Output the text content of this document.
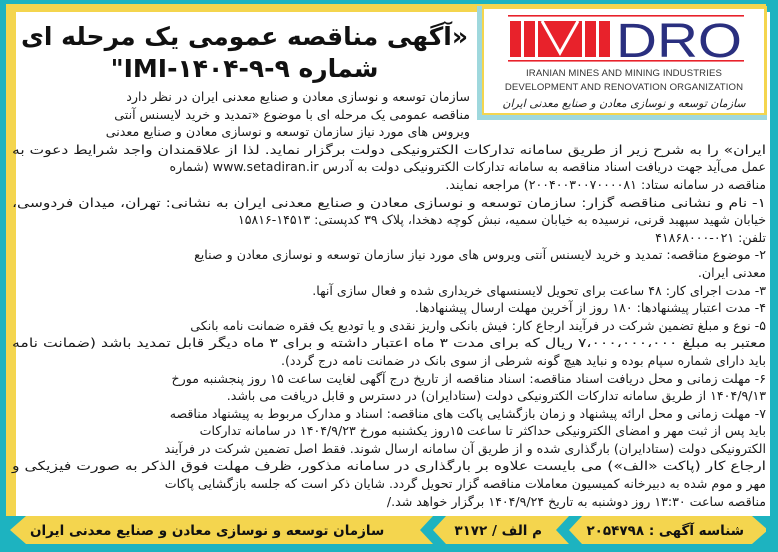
DRO
IRANIAN MINES AND MINING INDUSTRIES
DEVELOPMENT AND RENOVATION ORGANIZATION
سازمان توسعه و نوسازی معادن و صنایع معدنی ایران
«آگهی مناقصه عمومی یک مرحله ای
شماره ۹-۹-۱۴۰۴-IMI"
سازمان توسعه و نوسازی معادن و صنایع معدنی ایران در نظر دارد
مناقصه عمومی یک مرحله ای با موضوع «تمدید و خرید لایسنس آنتی
ویروس های مورد نیاز سازمان توسعه و نوسازی معادن و صنایع معدنی
ایران» را به شرح زیر از طریق سامانه تدارکات الکترونیکی دولت برگزار نماید. لذا از علاقمندان واجد شرایط دعوت به
عمل می‌آید جهت دریافت اسناد مناقصه به سامانه تدارکات الکترونیکی دولت به آدرس www.setadiran.ir (شماره
مناقصه در سامانه ستاد: ۲۰۰۴۰۰۳۰۰۷۰۰۰۰۸۱) مراجعه نمایند.
۱- نام و نشانی مناقصه گزار: سازمان توسعه و نوسازی معادن و صنایع معدنی ایران به نشانی: تهران، میدان فردوسی،
خیابان شهید سپهبد قرنی، نرسیده به خیابان سمیه، نبش کوچه دهخدا، پلاک ۳۹ کدپستی: ۱۴۵۱۳-۱۵۸۱۶
تلفن: ۰۲۱-۴۱۸۶۸۰۰۰
۲- موضوع مناقصه: تمدید و خرید لایسنس آنتی ویروس های مورد نیاز سازمان توسعه و نوسازی معادن و صنایع
معدنی ایران.
۳- مدت اجرای کار: ۴۸ ساعت برای تحویل لایسنسهای خریداری شده و فعال سازی آنها.
۴- مدت اعتبار پیشنهادها: ۱۸۰ روز از آخرین مهلت ارسال پیشنهادها.
۵- نوع و مبلغ تضمین شرکت در فرآیند ارجاع کار: فیش بانکی واریز نقدی و یا توديع یک فقره ضمانت نامه بانکی
معتبر به مبلغ ۷،۰۰۰،۰۰۰،۰۰۰ ریال که برای مدت ۳ ماه اعتبار داشته و برای ۳ ماه دیگر قابل تمدید باشد (ضمانت نامه
باید دارای شماره سپام بوده و نباید هیچ گونه شرطی از سوی بانک در ضمانت نامه درج گردد).
۶- مهلت زمانی و محل دریافت اسناد مناقصه: اسناد مناقصه از تاریخ درج آگهی لغایت ساعت ۱۵ روز پنجشنبه مورخ
۱۴۰۴/۹/۱۳ از طریق سامانه تدارکات الکترونیکی دولت (ستادایران) در دسترس و قابل دریافت می باشد.
۷- مهلت زمانی و محل ارائه پیشنهاد و زمان بازگشایی پاکت های مناقصه: اسناد و مدارک مربوط به پیشنهاد مناقصه
باید پس از ثبت مهر و امضای الکترونیکی حداکثر تا ساعت ۱۵روز یکشنبه مورخ ۱۴۰۴/۹/۲۳ در سامانه تدارکات
الکترونیکی دولت (ستادایران) بارگذاری شده و از طریق آن سامانه ارسال شوند. فقط اصل تضمین شرکت در فرآیند
ارجاع کار (پاکت «الف») می بایست علاوه بر بارگذاری در سامانه مذکور، ظرف مهلت فوق الذکر به صورت فیزیکی و
مهر و موم شده به دبیرخانه کمیسیون معاملات مناقصه گزار تحویل گردد. شایان ذکر است که جلسه بازگشایی پاکات
مناقصه ساعت ۱۳:۳۰ روز دوشنبه به تاریخ ۱۴۰۴/۹/۲۴ برگزار خواهد شد./
شناسه آگهی : ۲۰۵۴۷۹۸
م الف / ۳۱۷۲
سازمان توسعه و نوسازی معادن و صنایع معدنی ایران
